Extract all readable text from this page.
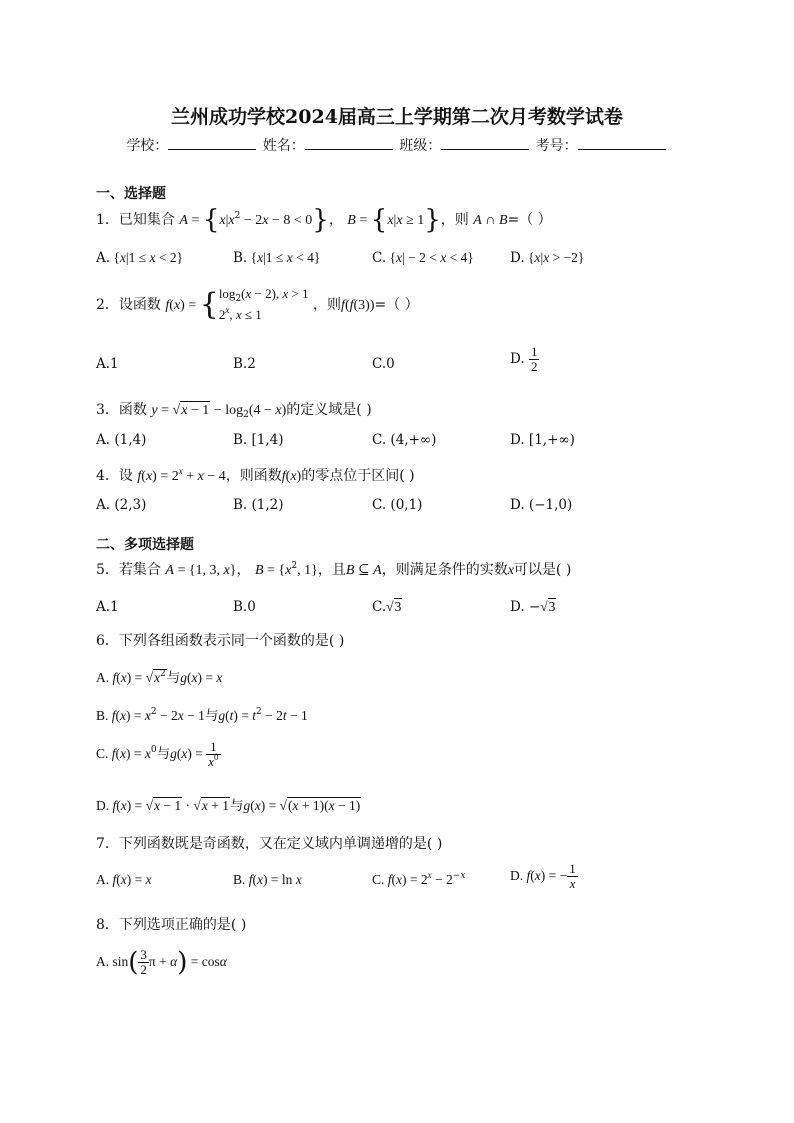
兰州成功学校2024届高三上学期第二次月考数学试卷
学校：	姓名：	班级：	考号：
一、选择题
1．已知集合 $A = \{x|x^2 - 2x - 8 < 0\}$， B = {x|x ≥ 1}，则 A ∩ B=（ ）
A. {x|1 ≤ x < 2}	B. {x|1 ≤ x < 4}	C. {x| − 2 < x < 4}	D. {x|x > −2}
2．设函数 f(x) = { $\log_2(x - 2)$, x > 1
2$^x$, x ≤ 1
，则f(f(3))=（ ）
A.1	B.2	C.0	D. $\frac{1}{2}$
3．函数 $y = √x - 1 - \log_2(4 - x)$的定义域是( )
A. (1,4)	B. [1,4)	C. (4,+∞)	D. [1,+∞)
4．设 $f(x) = 2^x + x - 4$，则函数f(x)的零点位于区间( )
A. (2,3)	B. (1,2)	C. (0,1)	D. (−1,0)
二、多项选择题
5．若集合 A = {1, 3, x}， $B = \{x^2$, 1}，且B ⊆ A，则满足条件的实数x可以是( )
A.1	B.0	C.√3	D. −√3
6．下列各组函数表示同一个函数的是( )
A. $f(x) = √x^2$与g(x) = x
B. $f(x) = x^2 - 2x - 1$与$g(t) = t^2 - 2t - 1$
C. $f(x) = x^0$与$g(x) = \frac{1}{x^0}$
D. f(x) = √x − 1 · √x + 1与g(x) = √(x + 1)(x − 1)
7．下列函数既是奇函数，又在定义域内单调递增的是( )
A. f(x) = x	B. f(x) = ln x	C. $f(x) = 2^x - 2^{-x}$	D. f(x) = − $\frac{1}{x}$
8．下列选项正确的是( )
A. $\sin( \frac{3}{2}$ π + α) = cosα
